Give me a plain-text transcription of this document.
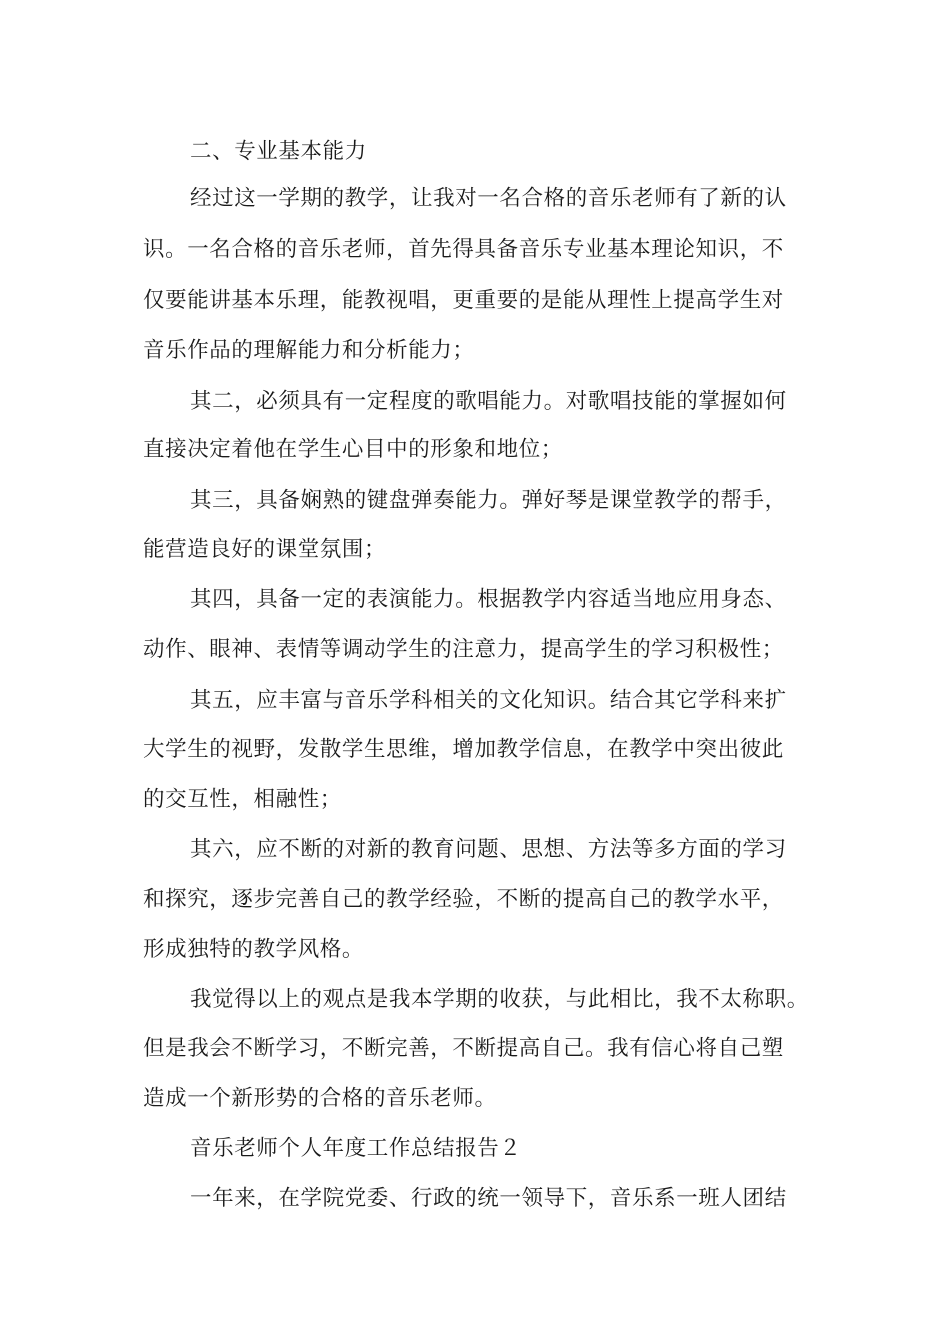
二、专业基本能力
经过这一学期的教学，让我对一名合格的音乐老师有了新的认
识。一名合格的音乐老师，首先得具备音乐专业基本理论知识，不
仅要能讲基本乐理，能教视唱，更重要的是能从理性上提高学生对
音乐作品的理解能力和分析能力；
其二，必须具有一定程度的歌唱能力。对歌唱技能的掌握如何
直接决定着他在学生心目中的形象和地位；
其三，具备娴熟的键盘弹奏能力。弹好琴是课堂教学的帮手，
能营造良好的课堂氛围；
其四，具备一定的表演能力。根据教学内容适当地应用身态、
动作、眼神、表情等调动学生的注意力，提高学生的学习积极性；
其五，应丰富与音乐学科相关的文化知识。结合其它学科来扩
大学生的视野，发散学生思维，增加教学信息，在教学中突出彼此
的交互性，相融性；
其六，应不断的对新的教育问题、思想、方法等多方面的学习
和探究，逐步完善自己的教学经验，不断的提高自己的教学水平，
形成独特的教学风格。
我觉得以上的观点是我本学期的收获，与此相比，我不太称职。
但是我会不断学习，不断完善，不断提高自己。我有信心将自己塑
造成一个新形势的合格的音乐老师。
音乐老师个人年度工作总结报告２
一年来，在学院党委、行政的统一领导下，音乐系一班人团结
